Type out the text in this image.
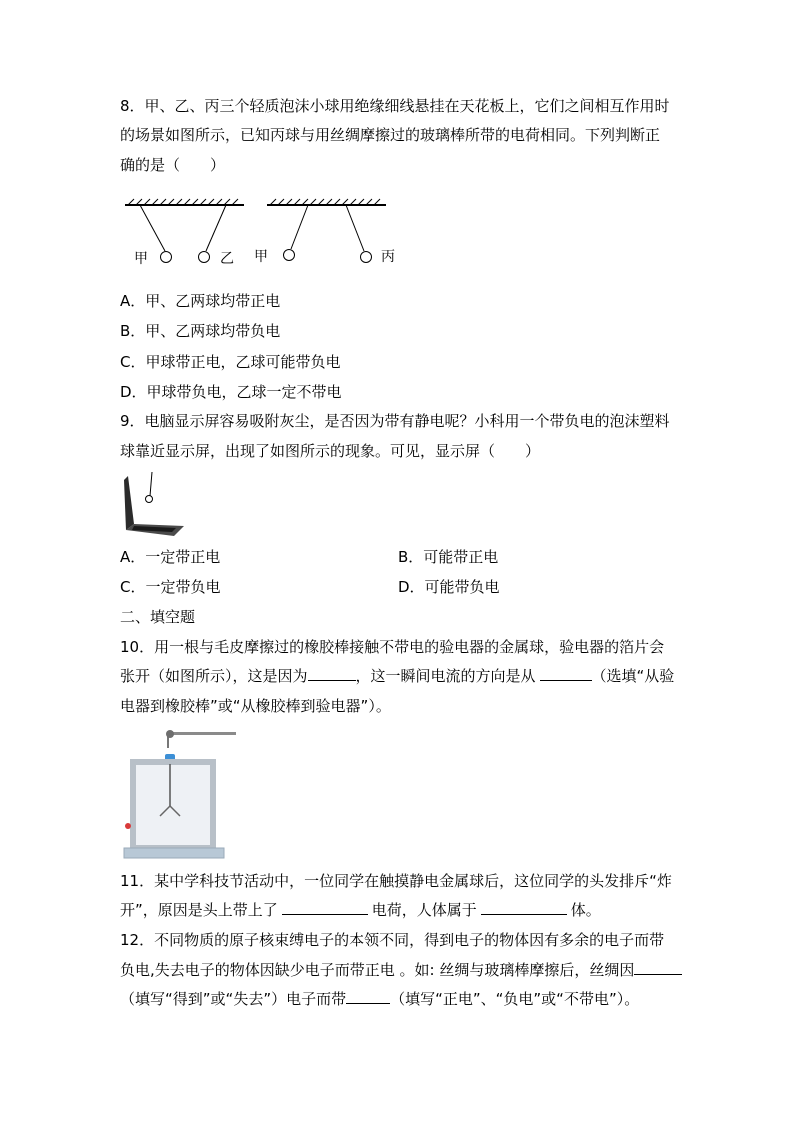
8．甲、乙、丙三个轻质泡沫小球用绝缘细线悬挂在天花板上，它们之间相互作用时
的场景如图所示，已知丙球与用丝绸摩擦过的玻璃棒所带的电荷相同。下列判断正
确的是（　　）
甲	乙 甲	丙
A．甲、乙两球均带正电
B．甲、乙两球均带负电
C．甲球带正电，乙球可能带负电
D．甲球带负电，乙球一定不带电
9．电脑显示屏容易吸附灰尘，是否因为带有静电呢？小科用一个带负电的泡沫塑料
球靠近显示屏，出现了如图所示的现象。可见，显示屏（　　）
A．一定带正电	B．可能带正电
C．一定带负电	D．可能带负电
二、填空题
10．用一根与毛皮摩擦过的橡胶棒接触不带电的验电器的金属球，验电器的箔片会
张开（如图所示），这是因为	，这一瞬间电流的方向是从	（选填“从验
电器到橡胶棒”或“从橡胶棒到验电器”）。
11．某中学科技节活动中，一位同学在触摸静电金属球后，这位同学的头发排斥“炸
开”，原因是头上带上了	电荷，人体属于	体。
12．不同物质的原子核束缚电子的本领不同，得到电子的物体因有多余的电子而带
负电,失去电子的物体因缺少电子而带正电 。如: 丝绸与玻璃棒摩擦后，丝绸因
（填写“得到”或“失去”）电子而带	（填写“正电”、“负电”或“不带电”）。
